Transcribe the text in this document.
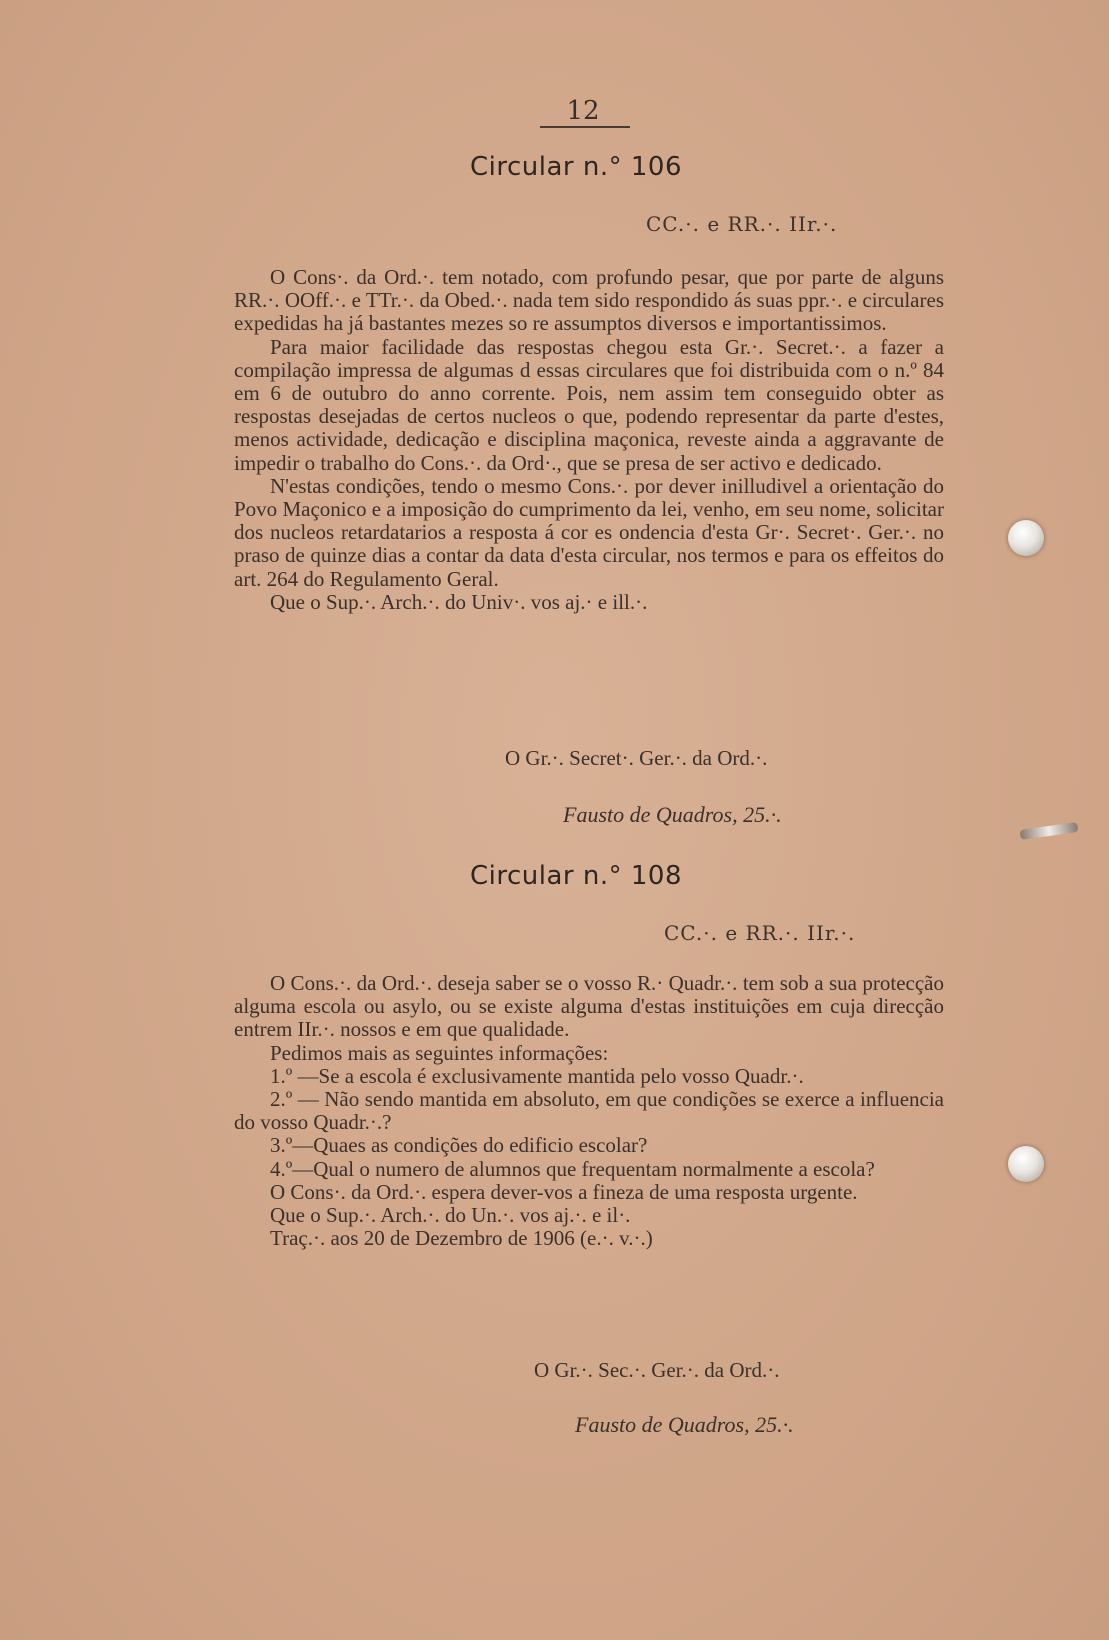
12
Circular n.° 106
CC.·. e RR.·. IIr.·.

O Cons·. da Ord.·. tem notado, com profundo pesar, que por parte de alguns RR.·. OOff.·. e TTr.·. da Obed.·. nada tem sido respondido ás suas ppr.·. e circulares expedidas ha já bastantes mezes so re assumptos diversos e importantissimos.

Para maior facilidade das respostas chegou esta Gr.·. Secret.·. a fazer a compilação impressa de algumas d essas circulares que foi distribuida com o n.º 84 em 6 de outubro do anno corrente. Pois, nem assim tem conseguido obter as respostas desejadas de certos nucleos o que, podendo representar da parte d'estes, menos actividade, dedicação e disciplina maçonica, reveste ainda a aggravante de impedir o trabalho do Cons.·. da Ord·., que se presa de ser activo e dedicado.

N'estas condições, tendo o mesmo Cons.·. por dever inilludivel a orientação do Povo Maçonico e a imposição do cumprimento da lei, venho, em seu nome, solicitar dos nucleos retardatarios a resposta á cor es ondencia d'esta Gr·. Secret·. Ger.·. no praso de quinze dias a contar da data d'esta circular, nos termos e para os effeitos do art. 264 do Regulamento Geral.

Que o Sup.·. Arch.·. do Univ·. vos aj.· e ill.·.

O Gr.·. Secret·. Ger.·. da Ord.·.
Fausto de Quadros, 25.·.
Circular n.° 108
CC.·. e RR.·. IIr.·.

O Cons.·. da Ord.·. deseja saber se o vosso R.· Quadr.·. tem sob a sua protecção alguma escola ou asylo, ou se existe alguma d'estas instituições em cuja direcção entrem IIr.·. nossos e em que qualidade.

Pedimos mais as seguintes informações:

1.º —Se a escola é exclusivamente mantida pelo vosso Quadr.·.

2.º — Não sendo mantida em absoluto, em que condições se exerce a influencia do vosso Quadr.·.?

3.º—Quaes as condições do edificio escolar?

4.º—Qual o numero de alumnos que frequentam normalmente a escola?

O Cons·. da Ord.·. espera dever-vos a fineza de uma resposta urgente.

Que o Sup.·. Arch.·. do Un.·. vos aj.·. e il·.

Traç.·. aos 20 de Dezembro de 1906 (e.·. v.·.)

O Gr.·. Sec.·. Ger.·. da Ord.·.
Fausto de Quadros, 25.·.
